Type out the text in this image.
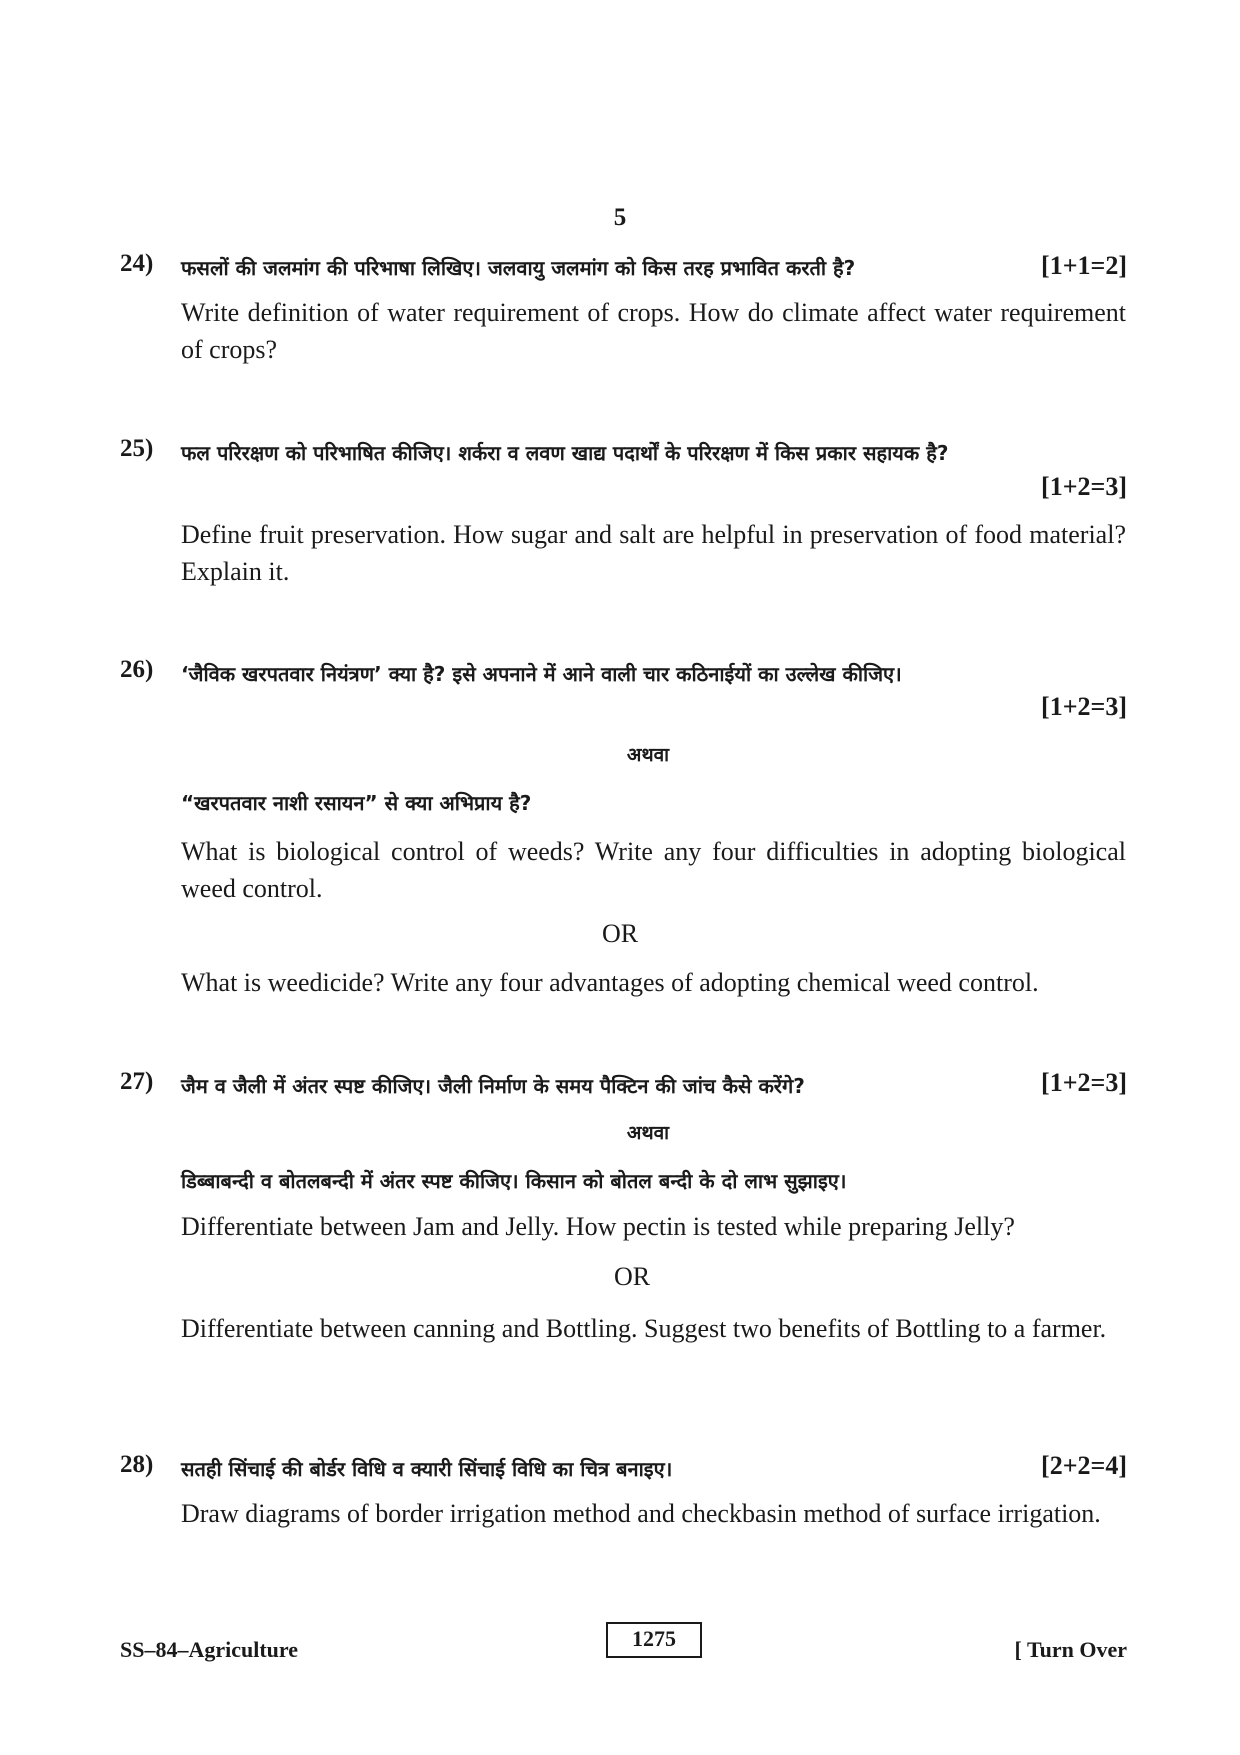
5
24) फसलों की जलमांग की परिभाषा लिखिए। जलवायु जलमांग को किस तरह प्रभावित करती है?	[1+1=2]
Write definition of water requirement of crops. How do climate affect water requirement of crops?
25) फल परिरक्षण को परिभाषित कीजिए। शर्करा व लवण खाद्य पदार्थों के परिरक्षण में किस प्रकार सहायक है?
[1+2=3]
Define fruit preservation. How sugar and salt are helpful in preservation of food material? Explain it.
26) ‘जैविक खरपतवार नियंत्रण’ क्या है? इसे अपनाने में आने वाली चार कठिनाईयों का उल्लेख कीजिए।
[1+2=3]
अथवा
“खरपतवार नाशी रसायन” से क्या अभिप्राय है?
What is biological control of weeds? Write any four difficulties in adopting biological weed control.
OR
What is weedicide? Write any four advantages of adopting chemical weed control.
27) जैम व जैली में अंतर स्पष्ट कीजिए। जैली निर्माण के समय पैक्टिन की जांच कैसे करेंगे?	[1+2=3]
अथवा
डिब्बाबन्दी व बोतलबन्दी में अंतर स्पष्ट कीजिए। किसान को बोतल बन्दी के दो लाभ सुझाइए।
Differentiate between Jam and Jelly. How pectin is tested while preparing Jelly?
OR
Differentiate between canning and Bottling. Suggest two benefits of Bottling to a farmer.
28) सतही सिंचाई की बोर्डर विधि व क्यारी सिंचाई विधि का चित्र बनाइए।	[2+2=4]
Draw diagrams of border irrigation method and checkbasin method of surface irrigation.
SS–84–Agriculture	1275	[ Turn Over
